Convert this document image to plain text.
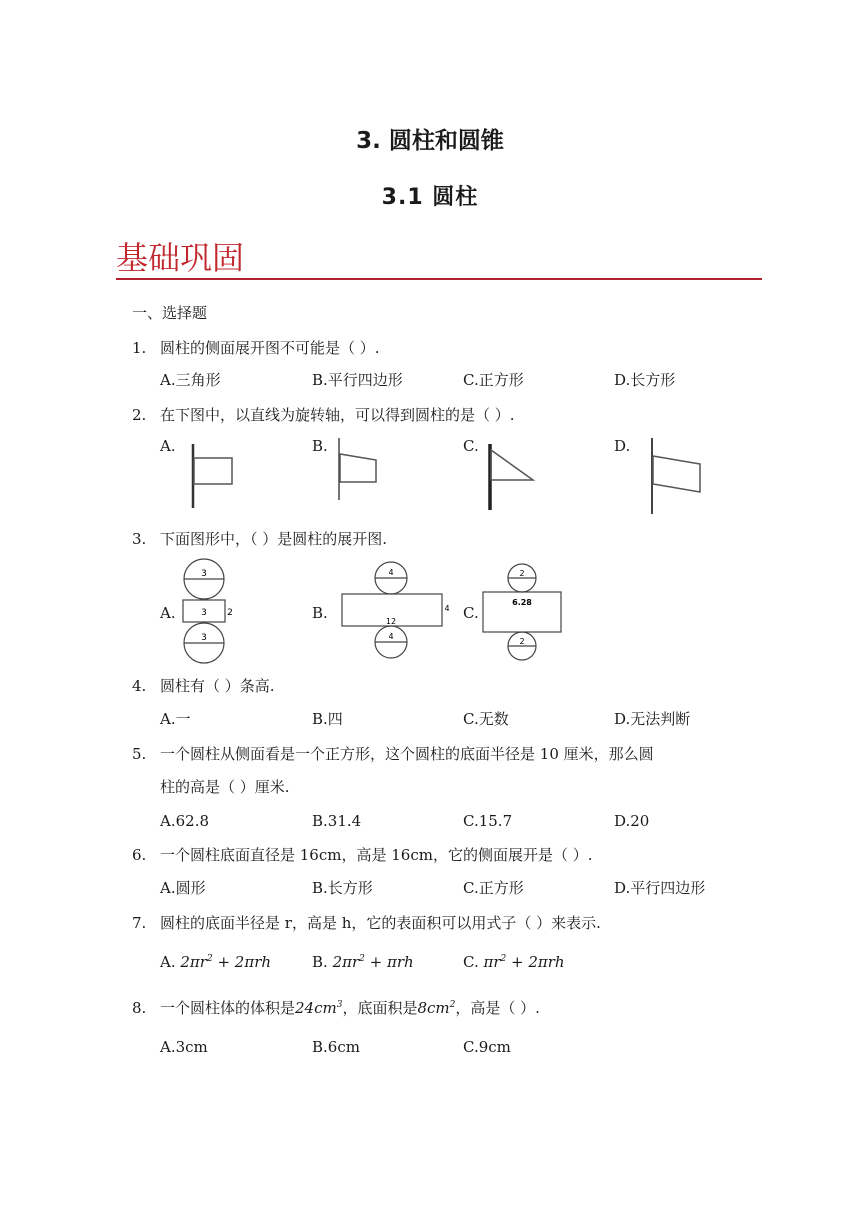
3. 圆柱和圆锥
3.1 圆柱
基础巩固
一、选择题
1. 圆柱的侧面展开图不可能是（ ）.
A.三角形	B.平行四边形	C.正方形	D.长方形
2. 在下图中，以直线为旋转轴，可以得到圆柱的是（ ）.
A.	B.	C.	D.
3. 下面图形中，（ ）是圆柱的展开图.
A.	B.	C.
3
3 2
3
4
12
4
4
2
6.28
2
4. 圆柱有（ ）条高.
A.一	B.四	C.无数	D.无法判断
5. 一个圆柱从侧面看是一个正方形，这个圆柱的底面半径是 10 厘米，那么圆
柱的高是（ ）厘米.
A.62.8	B.31.4	C.15.7	D.20
6. 一个圆柱底面直径是 16cm，高是 16cm，它的侧面展开是（ ）.
A.圆形	B.长方形	C.正方形	D.平行四边形
7. 圆柱的底面半径是 r，高是 h，它的表面积可以用式子（ ）来表示.
A. $2\pi r^2 + 2\pi rh$	B. $2\pi r^2 + \pi rh$	C. $\pi r^2 + 2\pi rh$
8. 一个圆柱体的体积是$24cm^3$，底面积是$8cm^2$，高是（ ）.
A.3cm	B.6cm	C.9cm
